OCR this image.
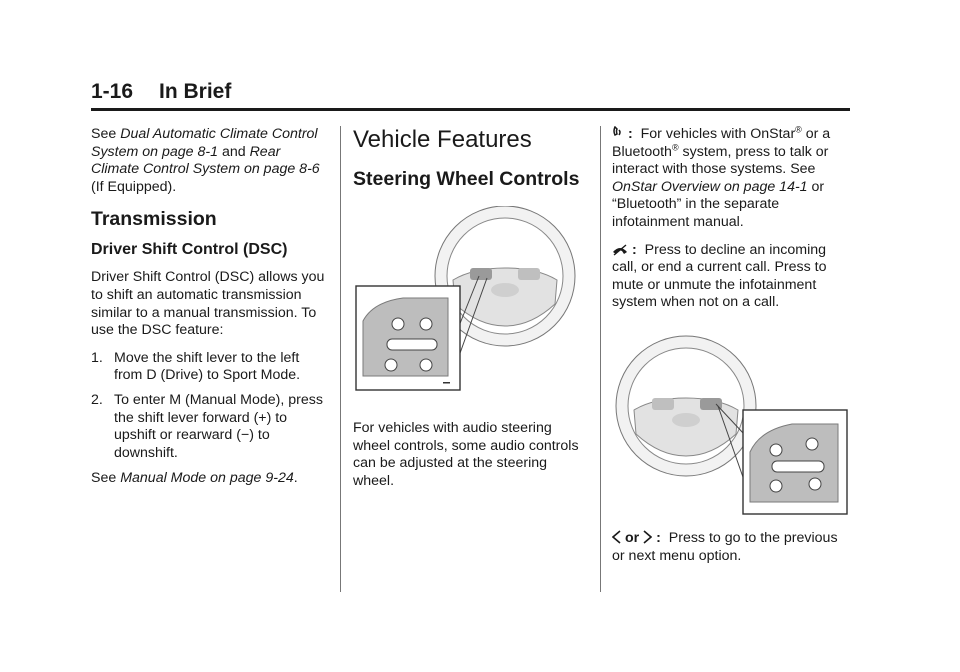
1-16 In Brief

See Dual Automatic Climate Control System on page 8-1 and Rear Climate Control System on page 8-6 (If Equipped).

Transmission
Driver Shift Control (DSC)

Driver Shift Control (DSC) allows you to shift an automatic transmission similar to a manual transmission. To use the DSC feature:

1. Move the shift lever to the left from D (Drive) to Sport Mode.
2. To enter M (Manual Mode), press the shift lever forward (+) to upshift or rearward (−) to downshift.

See Manual Mode on page 9-24.

Vehicle Features
Steering Wheel Controls

For vehicles with audio steering wheel controls, some audio controls can be adjusted at the steering wheel.

: For vehicles with OnStar® or a Bluetooth® system, press to talk or interact with those systems. See OnStar Overview on page 14-1 or “Bluetooth” in the separate infotainment manual.

: Press to decline an incoming call, or end a current call. Press to mute or unmute the infotainment system when not on a call.

or : Press to go to the previous or next menu option.
